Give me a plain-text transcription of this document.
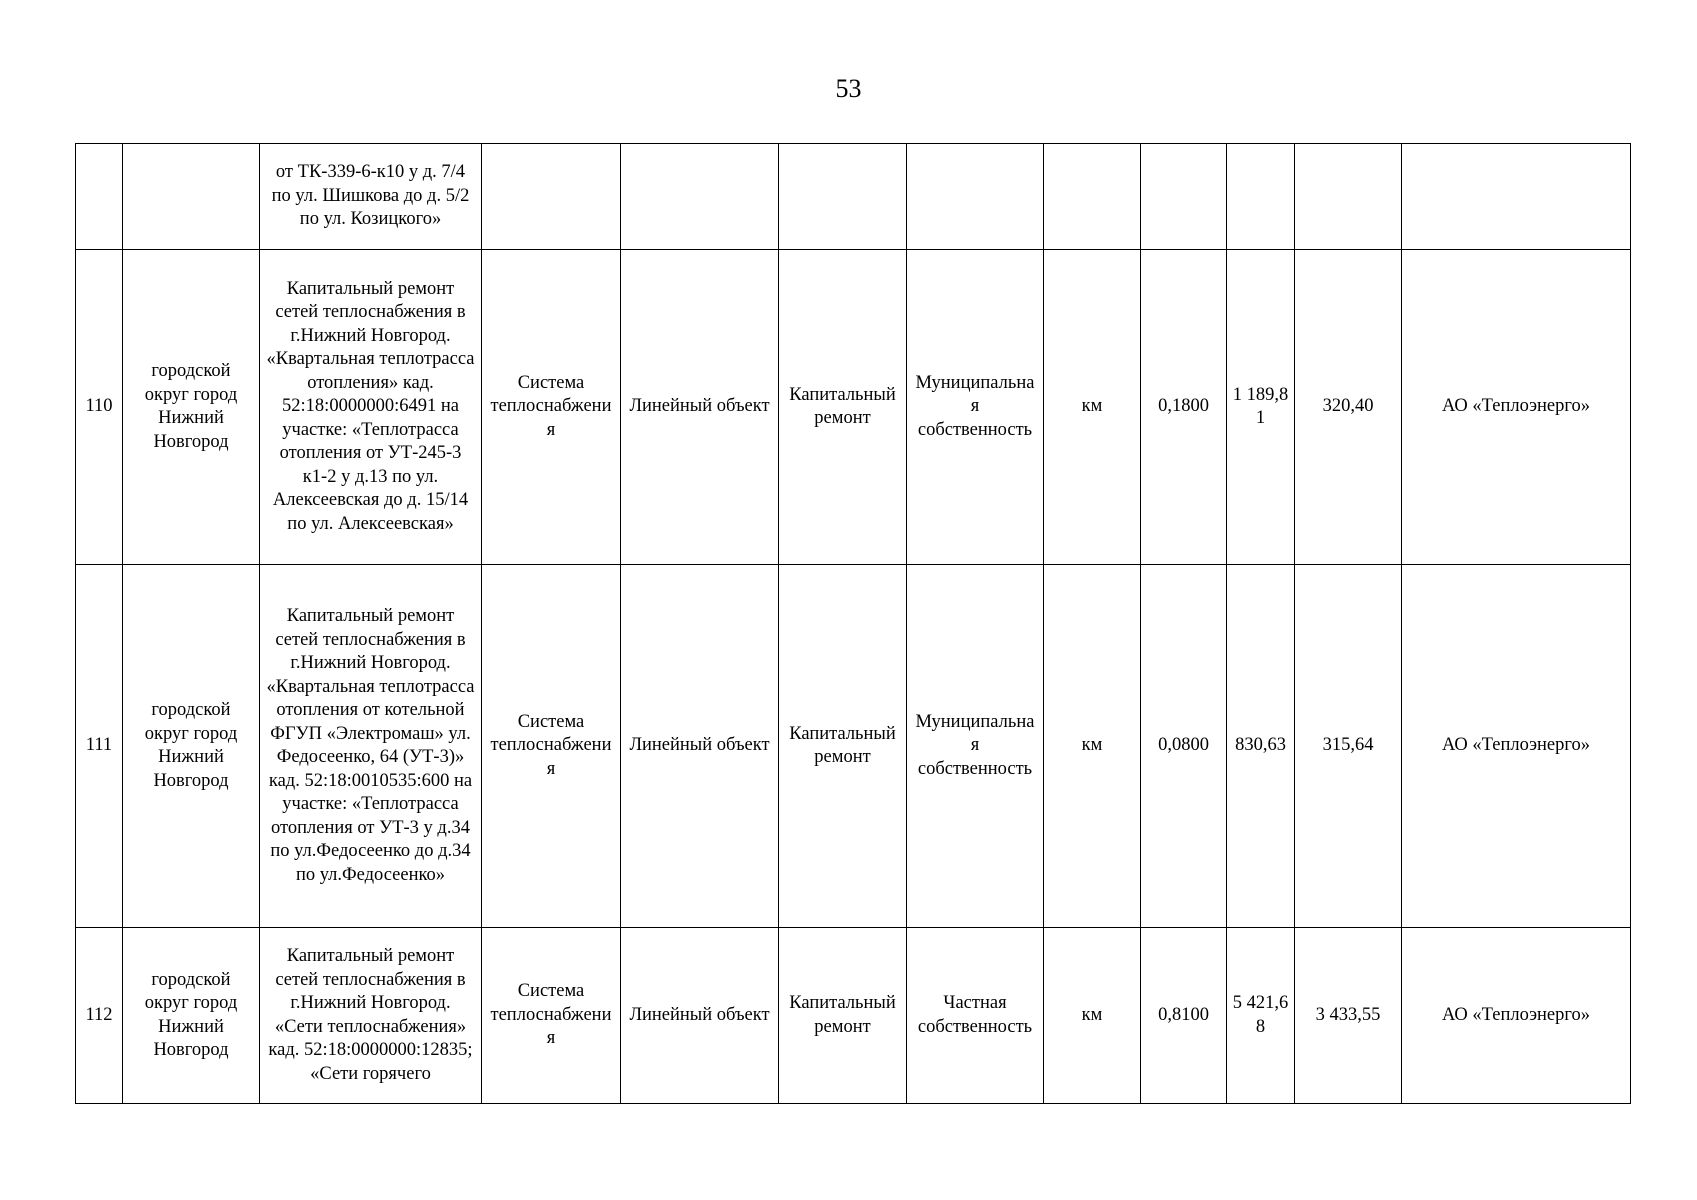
53
		от ТК-339-6-к10 у д. 7/4 по ул. Шишкова до д. 5/2 по ул. Козицкого»									
110	городской округ город Нижний Новгород	Капитальный ремонт сетей теплоснабжения в г.Нижний Новгород. «Квартальная теплотрасса отопления» кад. 52:18:0000000:6491 на участке: «Теплотрасса отопления от УТ-245-3 к1-2 у д.13 по ул. Алексеевская до д. 15/14 по ул. Алексеевская»	Система теплоснабжения	Линейный объект	Капитальный ремонт	Муниципальная собственность	км	0,1800	1 189,81	320,40	АО «Теплоэнерго»
111	городской округ город Нижний Новгород	Капитальный ремонт сетей теплоснабжения в г.Нижний Новгород. «Квартальная теплотрасса отопления от котельной ФГУП «Электромаш» ул. Федосеенко, 64 (УТ-3)» кад. 52:18:0010535:600 на участке: «Теплотрасса отопления от УТ-3 у д.34 по ул.Федосеенко до д.34 по ул.Федосеенко»	Система теплоснабжения	Линейный объект	Капитальный ремонт	Муниципальная собственность	км	0,0800	830,63	315,64	АО «Теплоэнерго»
112	городской округ город Нижний Новгород	Капитальный ремонт сетей теплоснабжения в г.Нижний Новгород. «Сети теплоснабжения» кад. 52:18:0000000:12835; «Сети горячего	Система теплоснабжения	Линейный объект	Капитальный ремонт	Частная собственность	км	0,8100	5 421,68	3 433,55	АО «Теплоэнерго»
